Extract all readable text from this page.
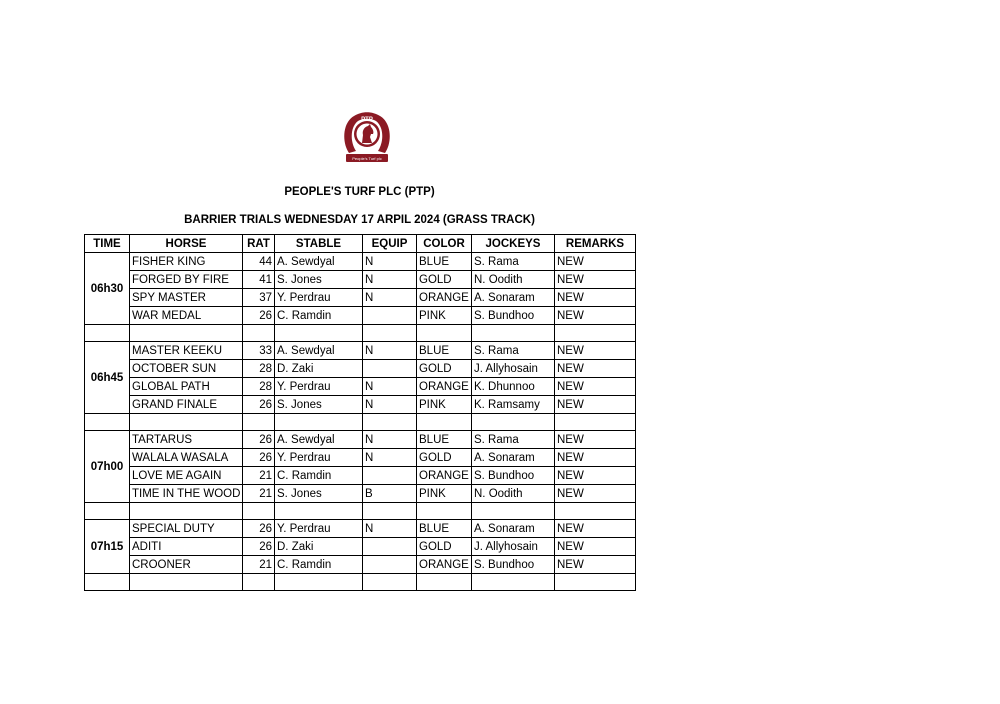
People's Turf plc
PTP
PEOPLE'S TURF PLC (PTP)
BARRIER TRIALS WEDNESDAY 17 ARPIL 2024 (GRASS TRACK)
TIME	HORSE	RAT	STABLE	EQUIP	COLOR	JOCKEYS	REMARKS
06h30	FISHER KING	44	A. Sewdyal	N	BLUE	S. Rama	NEW
	FORGED BY FIRE	41	S. Jones	N	GOLD	N. Oodith	NEW
	SPY MASTER	37	Y. Perdrau	N	ORANGE	A. Sonaram	NEW
	WAR MEDAL	26	C. Ramdin		PINK	S. Bundhoo	NEW

06h45	MASTER KEEKU	33	A. Sewdyal	N	BLUE	S. Rama	NEW
	OCTOBER SUN	28	D. Zaki		GOLD	J. Allyhosain	NEW
	GLOBAL PATH	28	Y. Perdrau	N	ORANGE	K. Dhunnoo	NEW
	GRAND FINALE	26	S. Jones	N	PINK	K. Ramsamy	NEW

07h00	TARTARUS	26	A. Sewdyal	N	BLUE	S. Rama	NEW
	WALALA WASALA	26	Y. Perdrau	N	GOLD	A. Sonaram	NEW
	LOVE ME AGAIN	21	C. Ramdin		ORANGE	S. Bundhoo	NEW
	TIME IN THE WOOD	21	S. Jones	B	PINK	N. Oodith	NEW

07h15	SPECIAL DUTY	26	Y. Perdrau	N	BLUE	A. Sonaram	NEW
	ADITI	26	D. Zaki		GOLD	J. Allyhosain	NEW
	CROONER	21	C. Ramdin		ORANGE	S. Bundhoo	NEW
